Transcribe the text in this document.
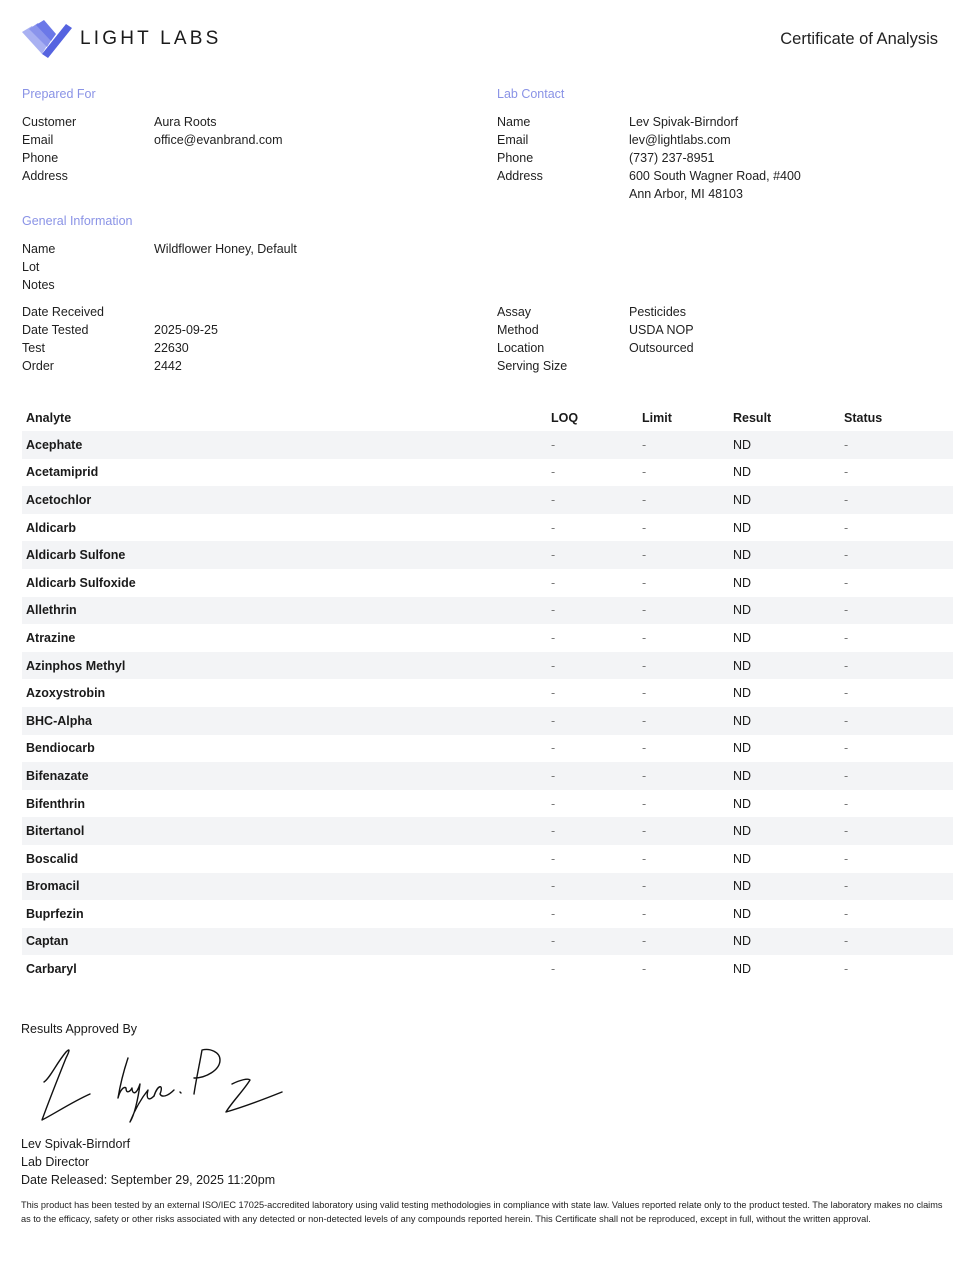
LIGHT LABS	Certificate of Analysis
Prepared For
Customer	Aura Roots
Email	office@evanbrand.com
Phone
Address
Lab Contact
Name	Lev Spivak-Birndorf
Email	lev@lightlabs.com
Phone	(737) 237-8951
Address	600 South Wagner Road, #400
Ann Arbor, MI 48103
General Information
Name	Wildflower Honey, Default
Lot
Notes
Date Received
Date Tested	2025-09-25
Test	22630
Order	2442
Assay	Pesticides
Method	USDA NOP
Location	Outsourced
Serving Size
Analyte	LOQ	Limit	Result	Status
Acephate	-	-	ND	-
Acetamiprid	-	-	ND	-
Acetochlor	-	-	ND	-
Aldicarb	-	-	ND	-
Aldicarb Sulfone	-	-	ND	-
Aldicarb Sulfoxide	-	-	ND	-
Allethrin	-	-	ND	-
Atrazine	-	-	ND	-
Azinphos Methyl	-	-	ND	-
Azoxystrobin	-	-	ND	-
BHC-Alpha	-	-	ND	-
Bendiocarb	-	-	ND	-
Bifenazate	-	-	ND	-
Bifenthrin	-	-	ND	-
Bitertanol	-	-	ND	-
Boscalid	-	-	ND	-
Bromacil	-	-	ND	-
Buprfezin	-	-	ND	-
Captan	-	-	ND	-
Carbaryl	-	-	ND	-
Results Approved By
Lev Spivak-Birndorf
Lab Director
Date Released: September 29, 2025 11:20pm
This product has been tested by an external ISO/IEC 17025-accredited laboratory using valid testing methodologies in compliance with state law. Values reported relate only to the product tested. The laboratory makes no claims as to the efficacy, safety or other risks associated with any detected or non-detected levels of any compounds reported herein. This Certificate shall not be reproduced, except in full, without the written approval.
